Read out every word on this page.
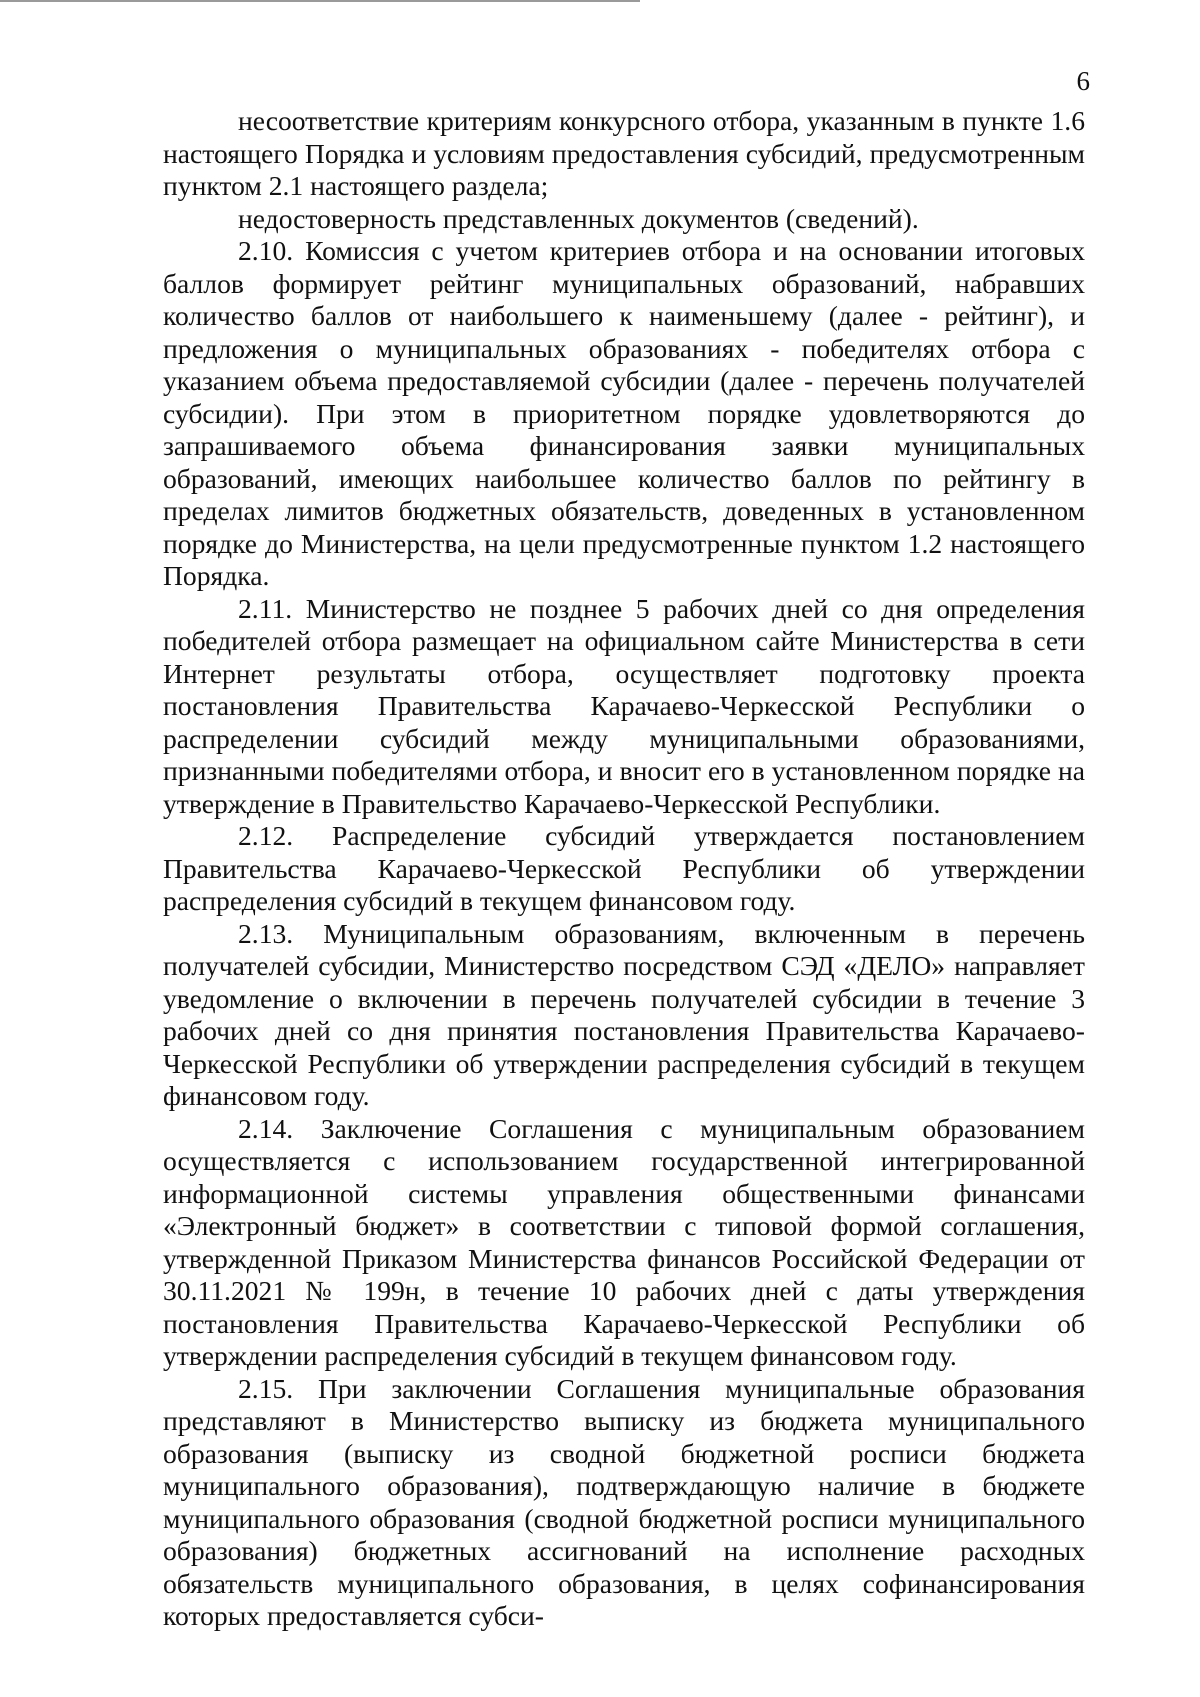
6

несоответствие критериям конкурсного отбора, указанным в пункте 1.6 настоящего Порядка и условиям предоставления субсидий, предусмотренным пунктом 2.1 настоящего раздела;

недостоверность представленных документов (сведений).

2.10. Комиссия с учетом критериев отбора и на основании итоговых баллов формирует рейтинг муниципальных образований, набравших количество баллов от наибольшего к наименьшему (далее - рейтинг), и предложения о муниципальных образованиях - победителях отбора с указанием объема предоставляемой субсидии (далее - перечень получателей субсидии). При этом в приоритетном порядке удовлетворяются до запрашиваемого объема финансирования заявки муниципальных образований, имеющих наибольшее количество баллов по рейтингу в пределах лимитов бюджетных обязательств, доведенных в установленном порядке до Министерства, на цели предусмотренные пунктом 1.2 настоящего Порядка.

2.11. Министерство не позднее 5 рабочих дней со дня определения победителей отбора размещает на официальном сайте Министерства в сети Интернет результаты отбора, осуществляет подготовку проекта постановления Правительства Карачаево-Черкесской Республики о распределении субсидий между муниципальными образованиями, признанными победителями отбора, и вносит его в установленном порядке на утверждение в Правительство Карачаево-Черкесской Республики.

2.12. Распределение субсидий утверждается постановлением Правительства Карачаево-Черкесской Республики об утверждении распределения субсидий в текущем финансовом году.

2.13. Муниципальным образованиям, включенным в перечень получателей субсидии, Министерство посредством СЭД «ДЕЛО» направляет уведомление о включении в перечень получателей субсидии в течение 3 рабочих дней со дня принятия постановления Правительства Карачаево-Черкесской Республики об утверждении распределения субсидий в текущем финансовом году.

2.14. Заключение Соглашения с муниципальным образованием осуществляется с использованием государственной интегрированной информационной системы управления общественными финансами «Электронный бюджет» в соответствии с типовой формой соглашения, утвержденной Приказом Министерства финансов Российской Федерации от 30.11.2021 № 199н, в течение 10 рабочих дней с даты утверждения постановления Правительства Карачаево-Черкесской Республики об утверждении распределения субсидий в текущем финансовом году.

2.15. При заключении Соглашения муниципальные образования представляют в Министерство выписку из бюджета муниципального образования (выписку из сводной бюджетной росписи бюджета муниципального образования), подтверждающую наличие в бюджете муниципального образования (сводной бюджетной росписи муниципального образования) бюджетных ассигнований на исполнение расходных обязательств муниципального образования, в целях софинансирования которых предоставляется субси-
